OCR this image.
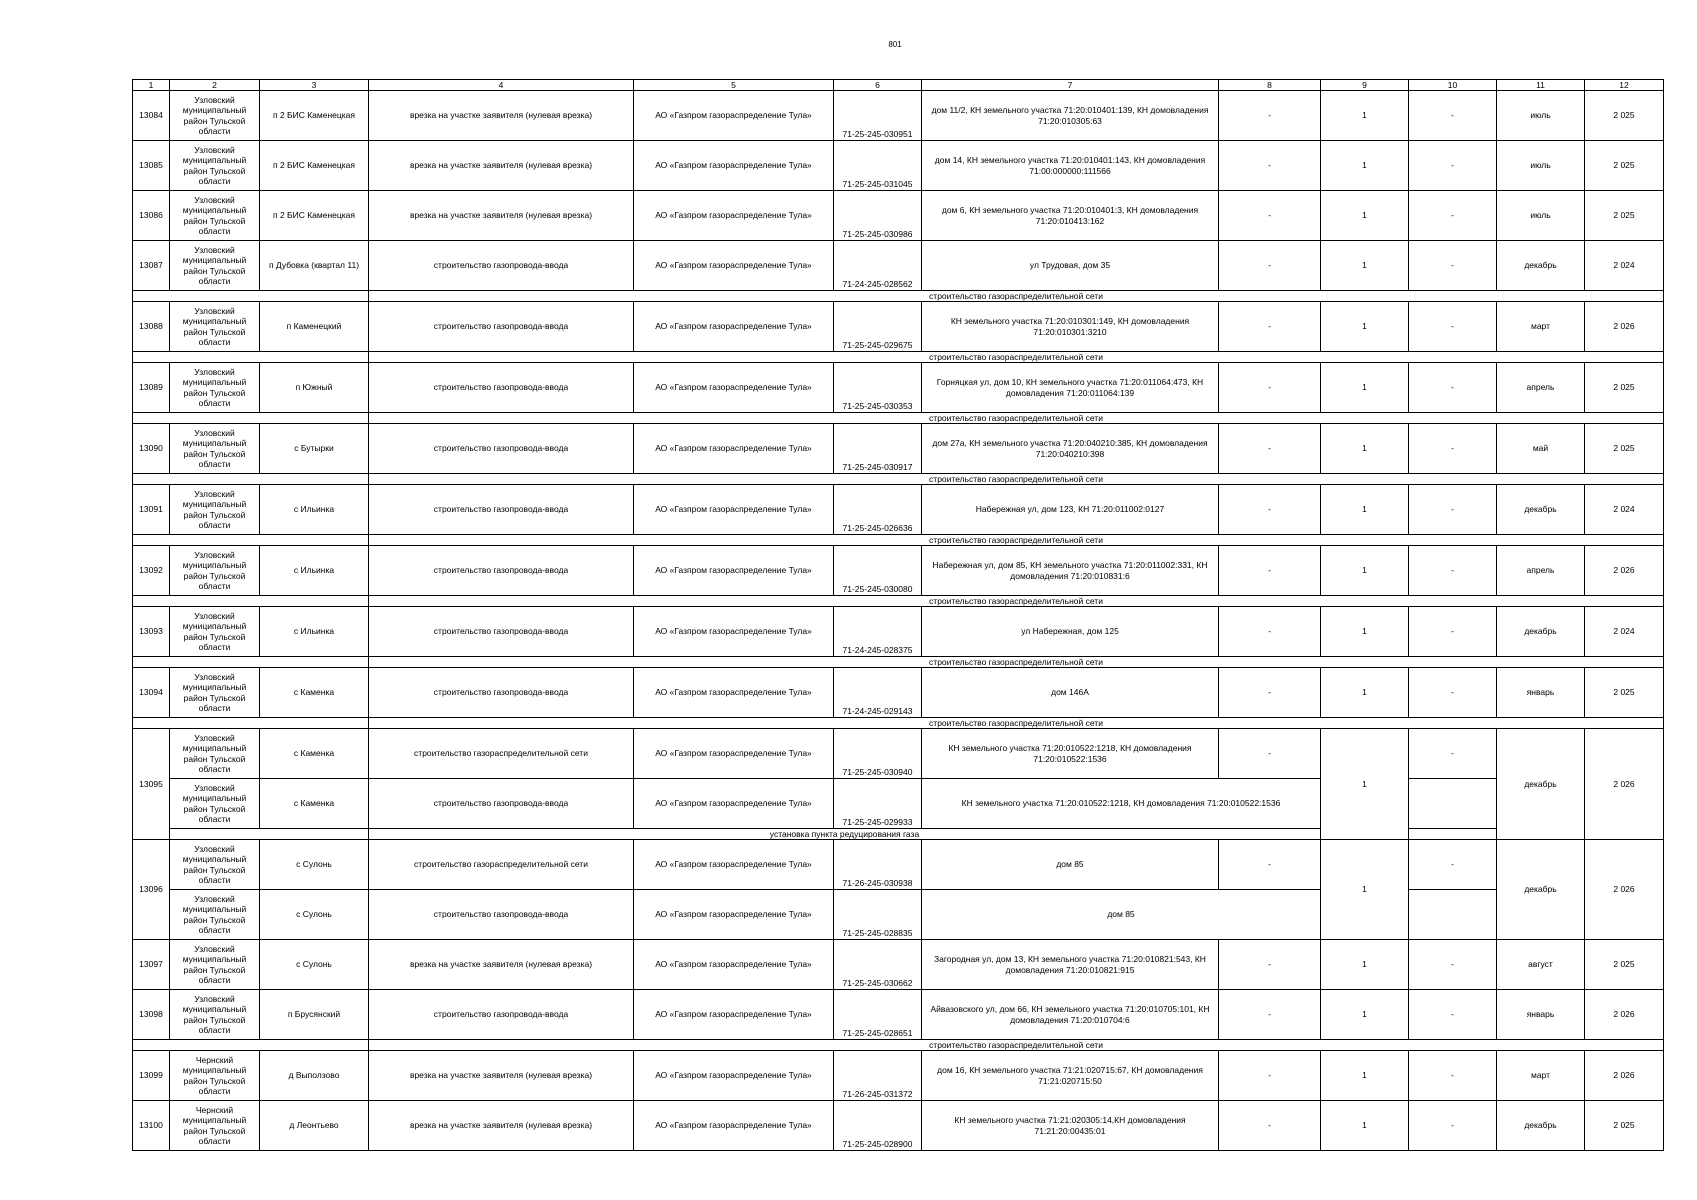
801
1	2	3	4	5	6	7	8	9	10	11	12
13084	Узловский муниципальный район Тульской области	п 2 БИС Каменецкая	врезка на участке заявителя (нулевая врезка)	АО «Газпром газораспределение Тула»	71-25-245-030951	дом 11/2, КН земельного участка 71:20:010401:139, КН домовладения 71:20:010305:63	-	1	-	июль	2 025
13085	Узловский муниципальный район Тульской области	п 2 БИС Каменецкая	врезка на участке заявителя (нулевая врезка)	АО «Газпром газораспределение Тула»	71-25-245-031045	дом 14, КН земельного участка 71:20:010401:143, КН домовладения 71:00:000000:111566	-	1	-	июль	2 025
13086	Узловский муниципальный район Тульской области	п 2 БИС Каменецкая	врезка на участке заявителя (нулевая врезка)	АО «Газпром газораспределение Тула»	71-25-245-030986	дом 6, КН земельного участка 71:20:010401:3, КН домовладения 71:20:010413:162	-	1	-	июль	2 025
13087	Узловский муниципальный район Тульской области	п Дубовка (квартал 11)	строительство газопровода-ввода	АО «Газпром газораспределение Тула»	71-24-245-028562	ул Трудовая, дом 35	-	1	-	декабрь	2 024
			строительство газораспределительной сети								
13088	Узловский муниципальный район Тульской области	п Каменецкий	строительство газопровода-ввода	АО «Газпром газораспределение Тула»	71-25-245-029675	КН земельного участка 71:20:010301:149, КН домовладения 71:20:010301:3210	-	1	-	март	2 026
			строительство газораспределительной сети								
13089	Узловский муниципальный район Тульской области	п Южный	строительство газопровода-ввода	АО «Газпром газораспределение Тула»	71-25-245-030353	Горняцкая ул, дом 10, КН земельного участка 71:20:011064:473, КН домовладения 71:20:011064:139	-	1	-	апрель	2 025
			строительство газораспределительной сети								
13090	Узловский муниципальный район Тульской области	с Бутырки	строительство газопровода-ввода	АО «Газпром газораспределение Тула»	71-25-245-030917	дом 27а, КН земельного участка 71:20:040210:385, КН домовладения 71:20:040210:398	-	1	-	май	2 025
			строительство газораспределительной сети								
13091	Узловский муниципальный район Тульской области	с Ильинка	строительство газопровода-ввода	АО «Газпром газораспределение Тула»	71-25-245-026636	Набережная ул, дом 123, КН 71:20:011002:0127	-	1	-	декабрь	2 024
			строительство газораспределительной сети								
13092	Узловский муниципальный район Тульской области	с Ильинка	строительство газопровода-ввода	АО «Газпром газораспределение Тула»	71-25-245-030080	Набережная ул, дом 85, КН земельного участка 71:20:011002:331, КН домовладения 71:20:010831:6	-	1	-	апрель	2 026
			строительство газораспределительной сети								
13093	Узловский муниципальный район Тульской области	с Ильинка	строительство газопровода-ввода	АО «Газпром газораспределение Тула»	71-24-245-028375	ул Набережная, дом 125	-	1	-	декабрь	2 024
			строительство газораспределительной сети								
13094	Узловский муниципальный район Тульской области	с Каменка	строительство газопровода-ввода	АО «Газпром газораспределение Тула»	71-24-245-029143	дом 146А	-	1	-	январь	2 025
			строительство газораспределительной сети								
13095	Узловский муниципальный район Тульской области	с Каменка	строительство газораспределительной сети	АО «Газпром газораспределение Тула»	71-25-245-030940	КН земельного участка 71:20:010522:1218, КН домовладения 71:20:010522:1536	-	1	-	декабрь	2 026
	Узловский муниципальный район Тульской области	с Каменка	строительство газопровода-ввода	АО «Газпром газораспределение Тула»	71-25-245-029933	КН земельного участка 71:20:010522:1218, КН домовладения 71:20:010522:1536					
			установка пункта редуцирования газа								
13096	Узловский муниципальный район Тульской области	с Сулонь	строительство газораспределительной сети	АО «Газпром газораспределение Тула»	71-26-245-030938	дом 85	-	1	-	декабрь	2 026
	Узловский муниципальный район Тульской области	с Сулонь	строительство газопровода-ввода	АО «Газпром газораспределение Тула»	71-25-245-028835	дом 85					
13097	Узловский муниципальный район Тульской области	с Сулонь	врезка на участке заявителя (нулевая врезка)	АО «Газпром газораспределение Тула»	71-25-245-030662	Загородная ул, дом 13, КН земельного участка 71:20:010821:543, КН домовладения 71:20:010821:915	-	1	-	август	2 025
13098	Узловский муниципальный район Тульской области	п Брусянский	строительство газопровода-ввода	АО «Газпром газораспределение Тула»	71-25-245-028651	Айвазовского ул, дом 66, КН земельного участка 71:20:010705:101, КН домовладения 71:20:010704:6	-	1	-	январь	2 026
			строительство газораспределительной сети								
13099	Чернский муниципальный район Тульской области	д Выползово	врезка на участке заявителя (нулевая врезка)	АО «Газпром газораспределение Тула»	71-26-245-031372	дом 16, КН земельного участка 71:21:020715:67, КН домовладения 71:21:020715:50	-	1	-	март	2 026
13100	Чернский муниципальный район Тульской области	д Леонтьево	врезка на участке заявителя (нулевая врезка)	АО «Газпром газораспределение Тула»	71-25-245-028900	КН земельного участка 71:21:020305:14,КН домовладения 71:21:20:00435:01	-	1	-	декабрь	2 025
